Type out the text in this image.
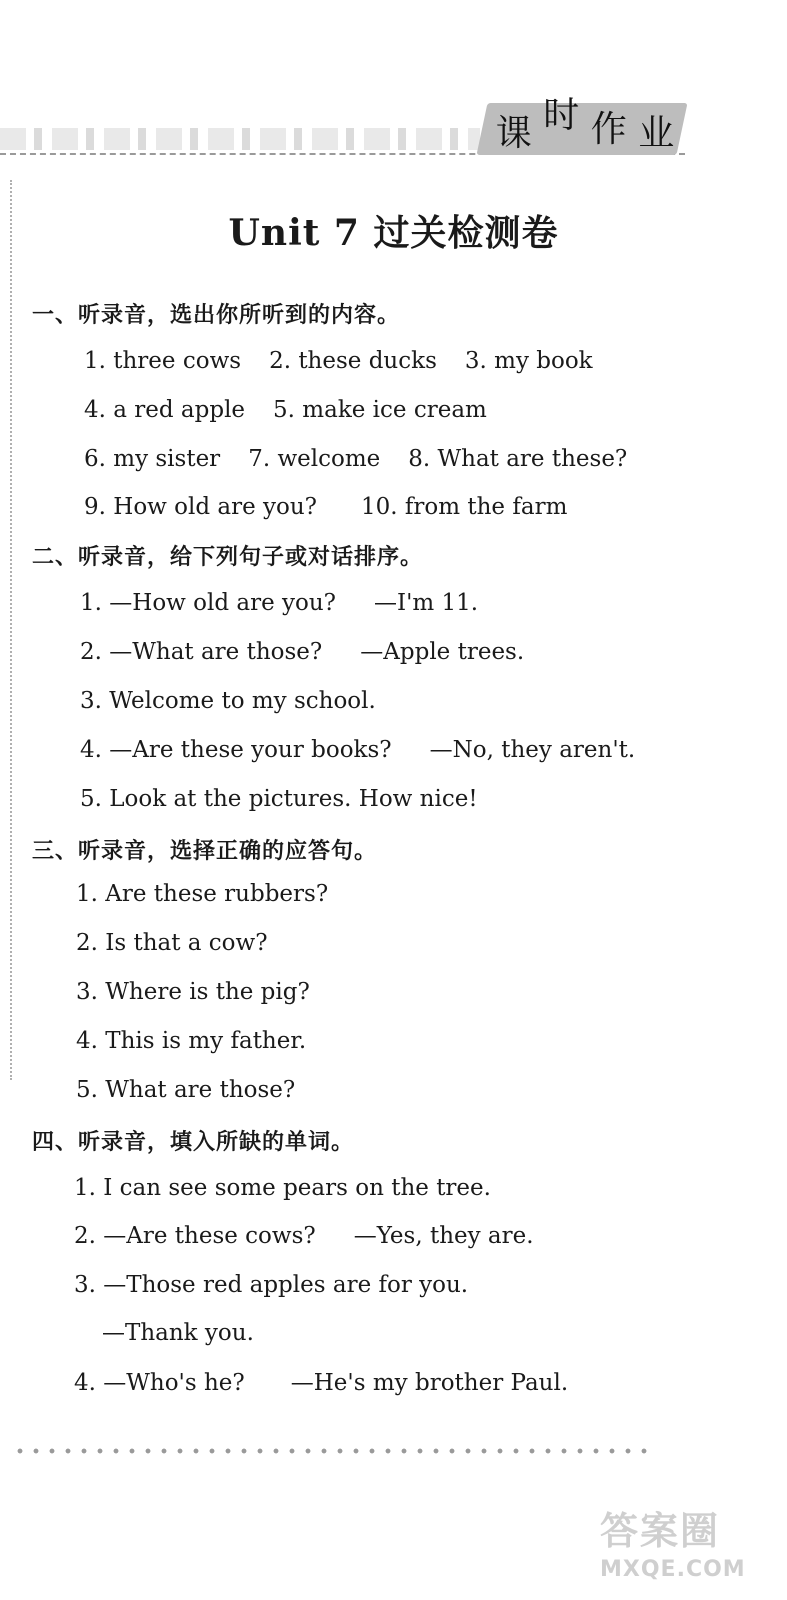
课 时 作 业
Unit 7 过关检测卷
一、听录音，选出你所听到的内容。
1. three cows 2. these ducks 3. my book
4. a red apple 5. make ice cream
6. my sister 7. welcome 8. What are these?
9. How old are you? 10. from the farm
二、听录音，给下列句子或对话排序。
1. —How old are you? —I'm 11.
2. —What are those? —Apple trees.
3. Welcome to my school.
4. —Are these your books? —No, they aren't.
5. Look at the pictures. How nice!
三、听录音，选择正确的应答句。
1. Are these rubbers?
2. Is that a cow?
3. Where is the pig?
4. This is my father.
5. What are those?
四、听录音，填入所缺的单词。
1. I can see some pears on the tree.
2. —Are these cows? —Yes, they are.
3. —Those red apples are for you.
—Thank you.
4. —Who's he? —He's my brother Paul.
答案圈
MXQE.COM
